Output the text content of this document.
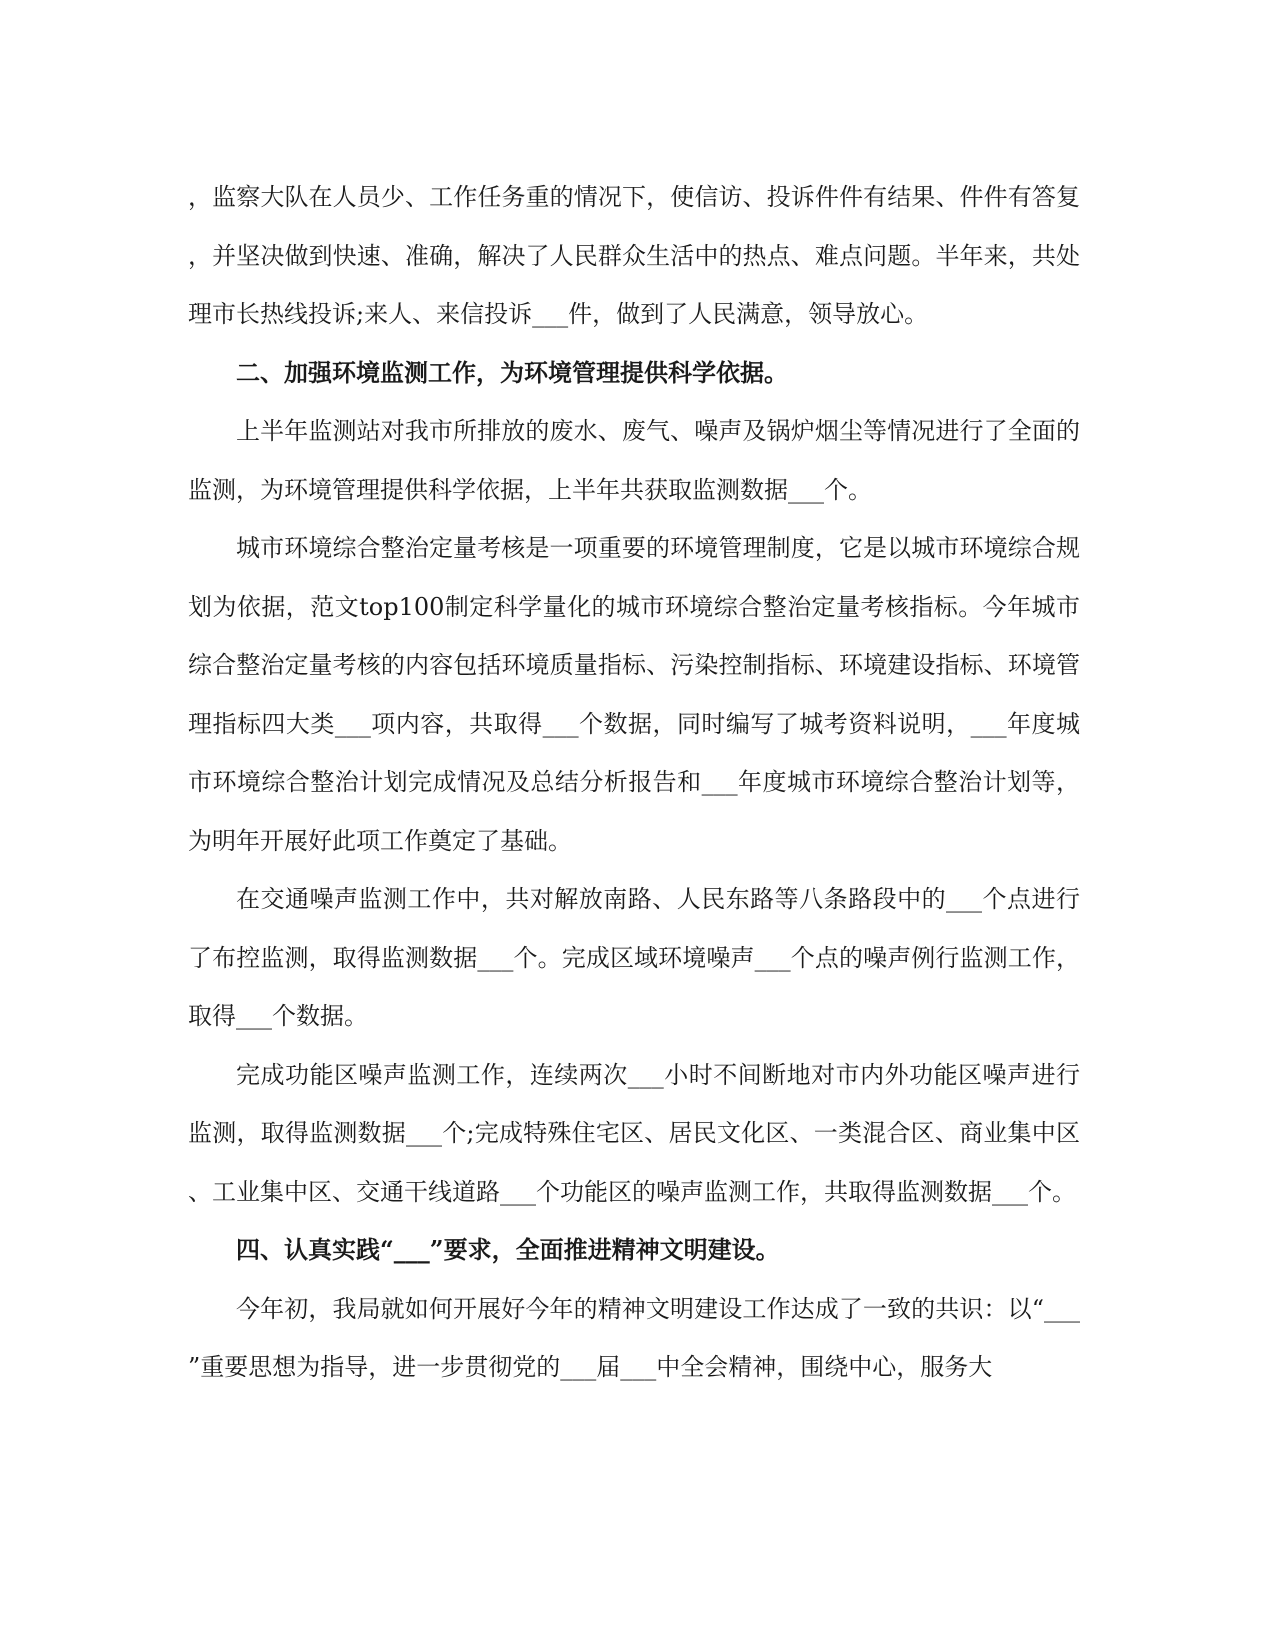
，监察大队在人员少、工作任务重的情况下，使信访、投诉件件有结果、件件有答复，并坚决做到快速、准确，解决了人民群众生活中的热点、难点问题。半年来，共处理市长热线投诉;来人、来信投诉___件，做到了人民满意，领导放心。

二、加强环境监测工作，为环境管理提供科学依据。

上半年监测站对我市所排放的废水、废气、噪声及锅炉烟尘等情况进行了全面的监测，为环境管理提供科学依据，上半年共获取监测数据___个。

城市环境综合整治定量考核是一项重要的环境管理制度，它是以城市环境综合规划为依据，范文top100制定科学量化的城市环境综合整治定量考核指标。今年城市综合整治定量考核的内容包括环境质量指标、污染控制指标、环境建设指标、环境管理指标四大类___项内容，共取得___个数据，同时编写了城考资料说明，___年度城市环境综合整治计划完成情况及总结分析报告和___年度城市环境综合整治计划等，为明年开展好此项工作奠定了基础。

在交通噪声监测工作中，共对解放南路、人民东路等八条路段中的___个点进行了布控监测，取得监测数据___个。完成区域环境噪声___个点的噪声例行监测工作，取得___个数据。

完成功能区噪声监测工作，连续两次___小时不间断地对市内外功能区噪声进行监测，取得监测数据___个;完成特殊住宅区、居民文化区、一类混合区、商业集中区、工业集中区、交通干线道路___个功能区的噪声监测工作，共取得监测数据___个。

四、认真实践“___”要求，全面推进精神文明建设。

今年初，我局就如何开展好今年的精神文明建设工作达成了一致的共识：以“___”重要思想为指导，进一步贯彻党的___届___中全会精神，围绕中心，服务大
